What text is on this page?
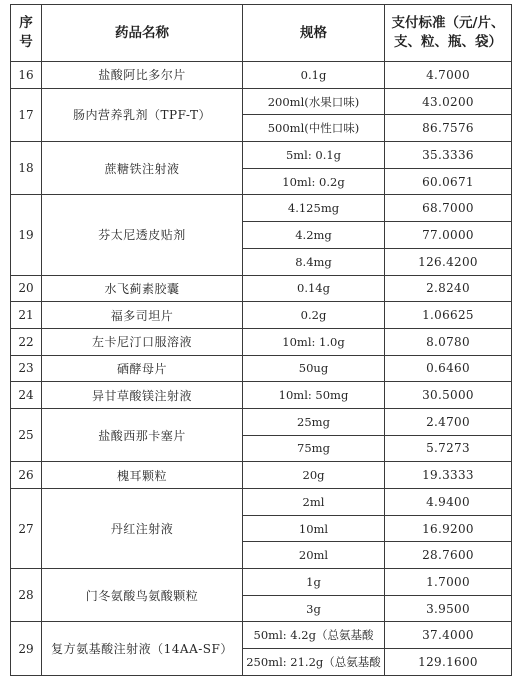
序
号	药品名称	规格	支付标准（元/片、
支、粒、瓶、袋）
16	盐酸阿比多尔片	0.1g	4.7000
17	肠内营养乳剂（TPF-T）	200ml(水果口味)	43.0200
		500ml(中性口味)	86.7576
18	蔗糖铁注射液	5ml: 0.1g	35.3336
		10ml: 0.2g	60.0671
19	芬太尼透皮贴剂	4.125mg	68.7000
		4.2mg	77.0000
		8.4mg	126.4200
20	水飞蓟素胶囊	0.14g	2.8240
21	福多司坦片	0.2g	1.06625
22	左卡尼汀口服溶液	10ml: 1.0g	8.0780
23	硒酵母片	50ug	0.6460
24	异甘草酸镁注射液	10ml: 50mg	30.5000
25	盐酸西那卡塞片	25mg	2.4700
		75mg	5.7273
26	槐耳颗粒	20g	19.3333
27	丹红注射液	2ml	4.9400
		10ml	16.9200
		20ml	28.7600
28	门冬氨酸鸟氨酸颗粒	1g	1.7000
		3g	3.9500
29	复方氨基酸注射液（14AA-SF）	50ml: 4.2g（总氨基酸	37.4000
		250ml: 21.2g（总氨基酸	129.1600
